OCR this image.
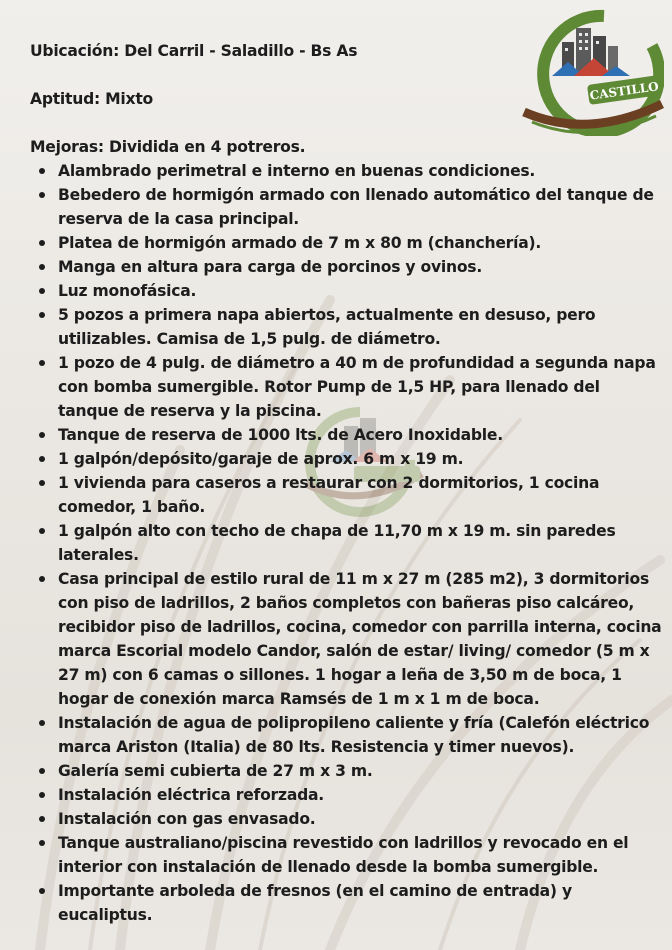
CASTILLO

Ubicación: Del Carril - Saladillo - Bs As

Aptitud: Mixto

Mejoras: Dividida en 4 potreros.

Alambrado perimetral e interno en buenas condiciones.
Bebedero de hormigón armado con llenado automático del tanque de reserva de la casa principal.
Platea de hormigón armado de 7 m x 80 m (chanchería).
Manga en altura para carga de porcinos y ovinos.
Luz monofásica.
5 pozos a primera napa abiertos, actualmente en desuso, pero utilizables. Camisa de 1,5 pulg. de diámetro.
1 pozo de 4 pulg. de diámetro a 40 m de profundidad a segunda napa con bomba sumergible. Rotor Pump de 1,5 HP, para llenado del tanque de reserva y la piscina.
Tanque de reserva de 1000 lts. de Acero Inoxidable.
1 galpón/depósito/garaje de aprox. 6 m x 19 m.
1 vivienda para caseros a restaurar con 2 dormitorios, 1 cocina comedor, 1 baño.
1 galpón alto con techo de chapa de 11,70 m x 19 m. sin paredes laterales.
Casa principal de estilo rural de 11 m x 27 m (285 m2), 3 dormitorios con piso de ladrillos, 2 baños completos con bañeras piso calcáreo, recibidor piso de ladrillos, cocina, comedor con parrilla interna, cocina marca Escorial modelo Candor, salón de estar/ living/ comedor (5 m x 27 m) con 6 camas o sillones. 1 hogar a leña de 3,50 m de boca, 1 hogar de conexión marca Ramsés de 1 m x 1 m de boca.
Instalación de agua de polipropileno caliente y fría (Calefón eléctrico marca Ariston (Italia) de 80 lts. Resistencia y timer nuevos).
Galería semi cubierta de 27 m x 3 m.
Instalación eléctrica reforzada.
Instalación con gas envasado.
Tanque australiano/piscina revestido con ladrillos y revocado en el interior con instalación de llenado desde la bomba sumergible.
Importante arboleda de fresnos (en el camino de entrada) y eucaliptus.
